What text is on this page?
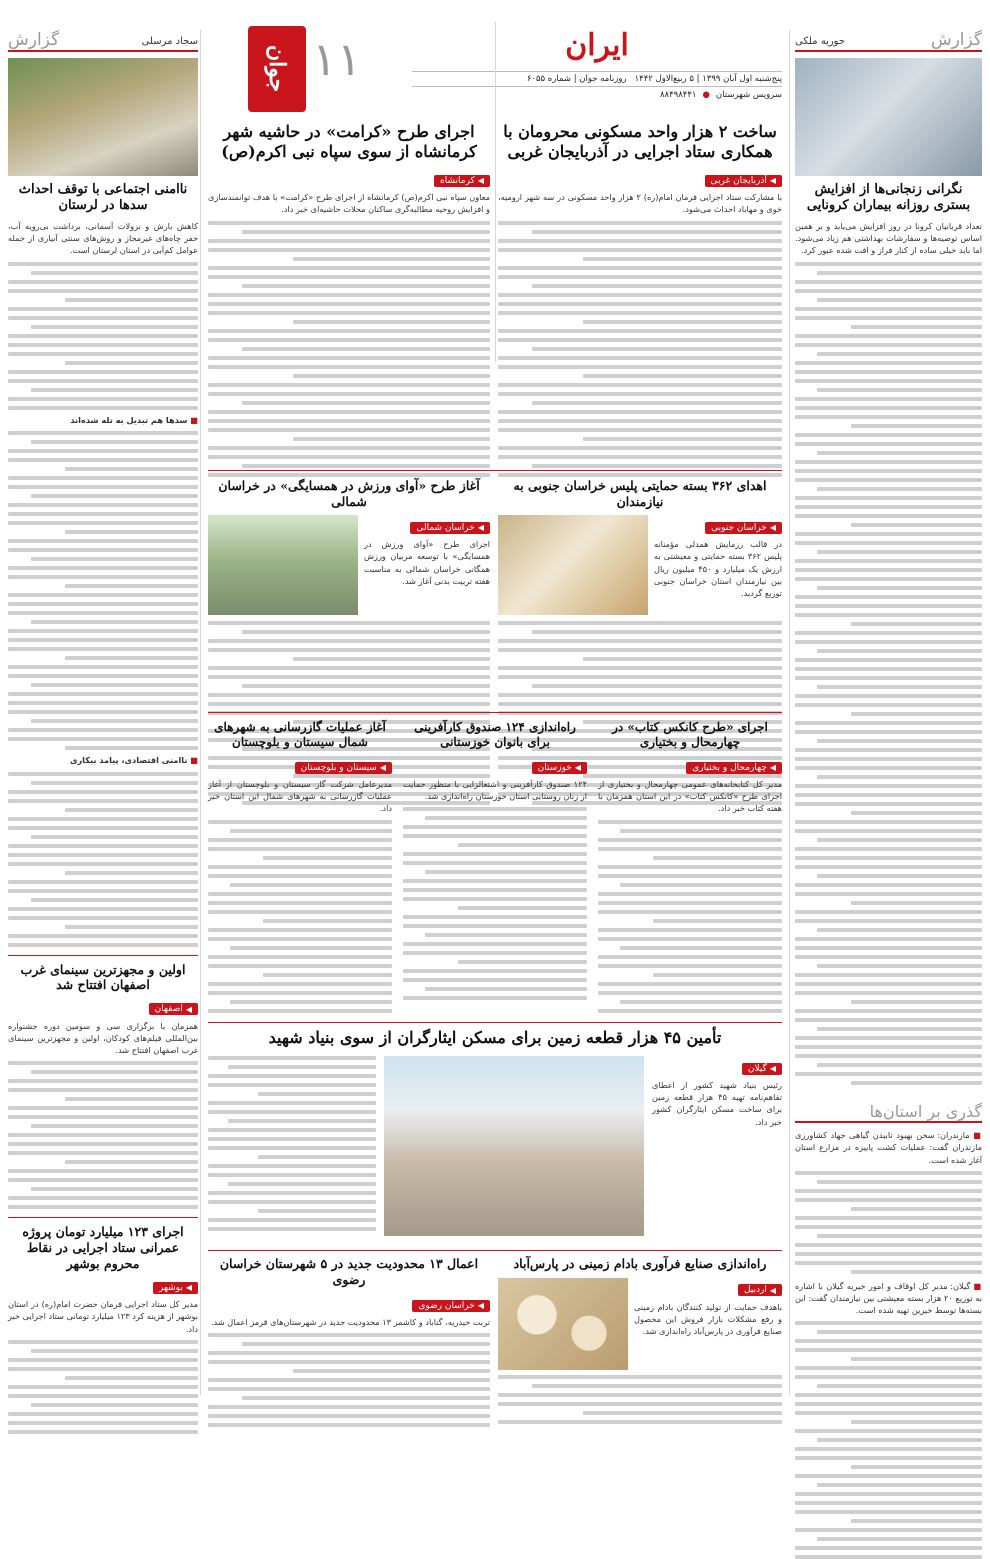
گزارش
حوریه ملکی
نگرانی زنجانی‌ها از افزایش بستری روزانه بیماران کرونایی
تعداد قربانیان کرونا در روز افزایش می‌یابد و بر همین اساس توصیه‌ها و سفارشات بهداشتی هم زیاد می‌شود. اما باید خیلی ساده از کنار فراز و افت شده عبور کرد.
گذری بر استان‌ها
■ مازندران: سخن بهبود تابیدن گیاهی جهاد کشاورزی مازندران گفت: عملیات کشت پاییزه در مزارع استان آغاز شده است.
■ گیلان: مدیر کل اوقاف و امور خیریه گیلان با اشاره به توزیع ۲۰ هزار بسته معیشتی بین نیازمندان گفت: این بسته‌ها توسط خیرین تهیه شده است.
سجاد مرسلی
گزارش
ناامنی اجتماعی با توقف احداث سدها در لرستان
کاهش بارش و نزولات آسمانی، برداشت بی‌رویه آب، حفر چاه‌های غیرمجاز و روش‌های سنتی آبیاری از جمله عوامل کم‌آبی در استان لرستان است.
■ سدها هم تبدیل به تله شده‌اند
■ ناامنی اقتصادی، پیامد بیکاری
اولین و مجهزترین سینمای غرب اصفهان افتتاح شد
◀
اصفهان
همزمان با برگزاری سی و سومین دوره جشنواره بین‌المللی فیلم‌های کودکان، اولین و مجهزترین سینمای غرب اصفهان افتتاح شد.
اجرای ۱۲۳ میلیارد تومان پروژه عمرانی ستاد اجرایی در نقاط محروم بوشهر
◀
بوشهر
مدیر کل ستاد اجرایی فرمان حضرت امام(ره) در استان بوشهر از هزینه کرد ۱۲۳ میلیارد تومانی ستاد اجرایی خبر داد.
ایران
پنج‌شنبه اول آبان ۱۳۹۹ | ۵ ربیع‌الاول ۱۴۴۲
روزنامه جوان | شماره ۶۰۵۵
سرویس شهرستان
●
۸۸۴۹۸۴۴۱
جوان ۱۱
ساخت ۲ هزار واحد مسکونی محرومان با همکاری ستاد اجرایی در آذربایجان غربی
◀
آذربایجان غربی
با مشارکت ستاد اجرایی فرمان امام(ره) ۲ هزار واحد مسکونی در سه شهر ارومیه، خوی و مهاباد احداث می‌شود.
اجرای طرح «کرامت» در حاشیه شهر کرمانشاه از سوی سپاه نبی اکرم(ص)
◀
کرمانشاه
معاون سپاه نبی اکرم(ص) کرمانشاه از اجرای طرح «کرامت» با هدف توانمندسازی و افزایش روحیه مطالبه‌گری ساکنان محلات حاشیه‌ای خبر داد.
اهدای ۳۶۲ بسته حمایتی پلیس خراسان جنوبی به نیازمندان
◀
خراسان جنوبی
در قالب رزمایش همدلی مؤمنانه پلیس ۳۶۲ بسته حمایتی و معیشتی به ارزش یک میلیارد و ۴۵۰ میلیون ریال بین نیازمندان استان خراسان جنوبی توزیع گردید.
آغاز طرح «آوای ورزش در همسایگی» در خراسان شمالی
◀
خراسان شمالی
اجرای طرح «آوای ورزش در همسایگی» با توسعه مربیان ورزش همگانی خراسان شمالی به مناسبت هفته تربیت بدنی آغاز شد.
اجرای «طرح کانکس کتاب» در چهارمحال و بختیاری
◀
چهارمحال و بختیاری
مدیر کل کتابخانه‌های عمومی چهارمحال و بختیاری از اجرای طرح «کانکس کتاب» در این استان همزمان با هفته کتاب خبر داد.
راه‌اندازی ۱۲۴ صندوق کارآفرینی برای بانوان خوزستانی
◀
خوزستان
۱۲۴ صندوق کارآفرینی و اشتغالزایی با منظور حمایت از زنان روستایی استان خوزستان راه‌اندازی شد.
آغاز عملیات گازرسانی به شهرهای شمال سیستان و بلوچستان
◀
سیستان و بلوچستان
مدیرعامل شرکت گاز سیستان و بلوچستان از آغاز عملیات گازرسانی به شهرهای شمال این استان خبر داد.
تأمین ۴۵ هزار قطعه زمین برای مسکن ایثارگران از سوی بنیاد شهید
◀
گیلان
رئیس بنیاد شهید کشور از اعطای تفاهم‌نامه تهیه ۴۵ هزار قطعه زمین برای ساخت مسکن ایثارگران کشور خبر داد.
راه‌اندازی صنایع فرآوری بادام زمینی در پارس‌آباد
◀
اردبیل
باهدف حمایت از تولید کنندگان بادام زمینی و رفع مشکلات بازار فروش این محصول صنایع فرآوری در پارس‌آباد راه‌اندازی شد.
اعمال ۱۳ محدودیت جدید در ۵ شهرستان خراسان رضوی
◀
خراسان رضوی
تربت حیدریه، گناباد و کاشمر ۱۳ محدودیت جدید در شهرستان‌های قرمز اعمال شد.
